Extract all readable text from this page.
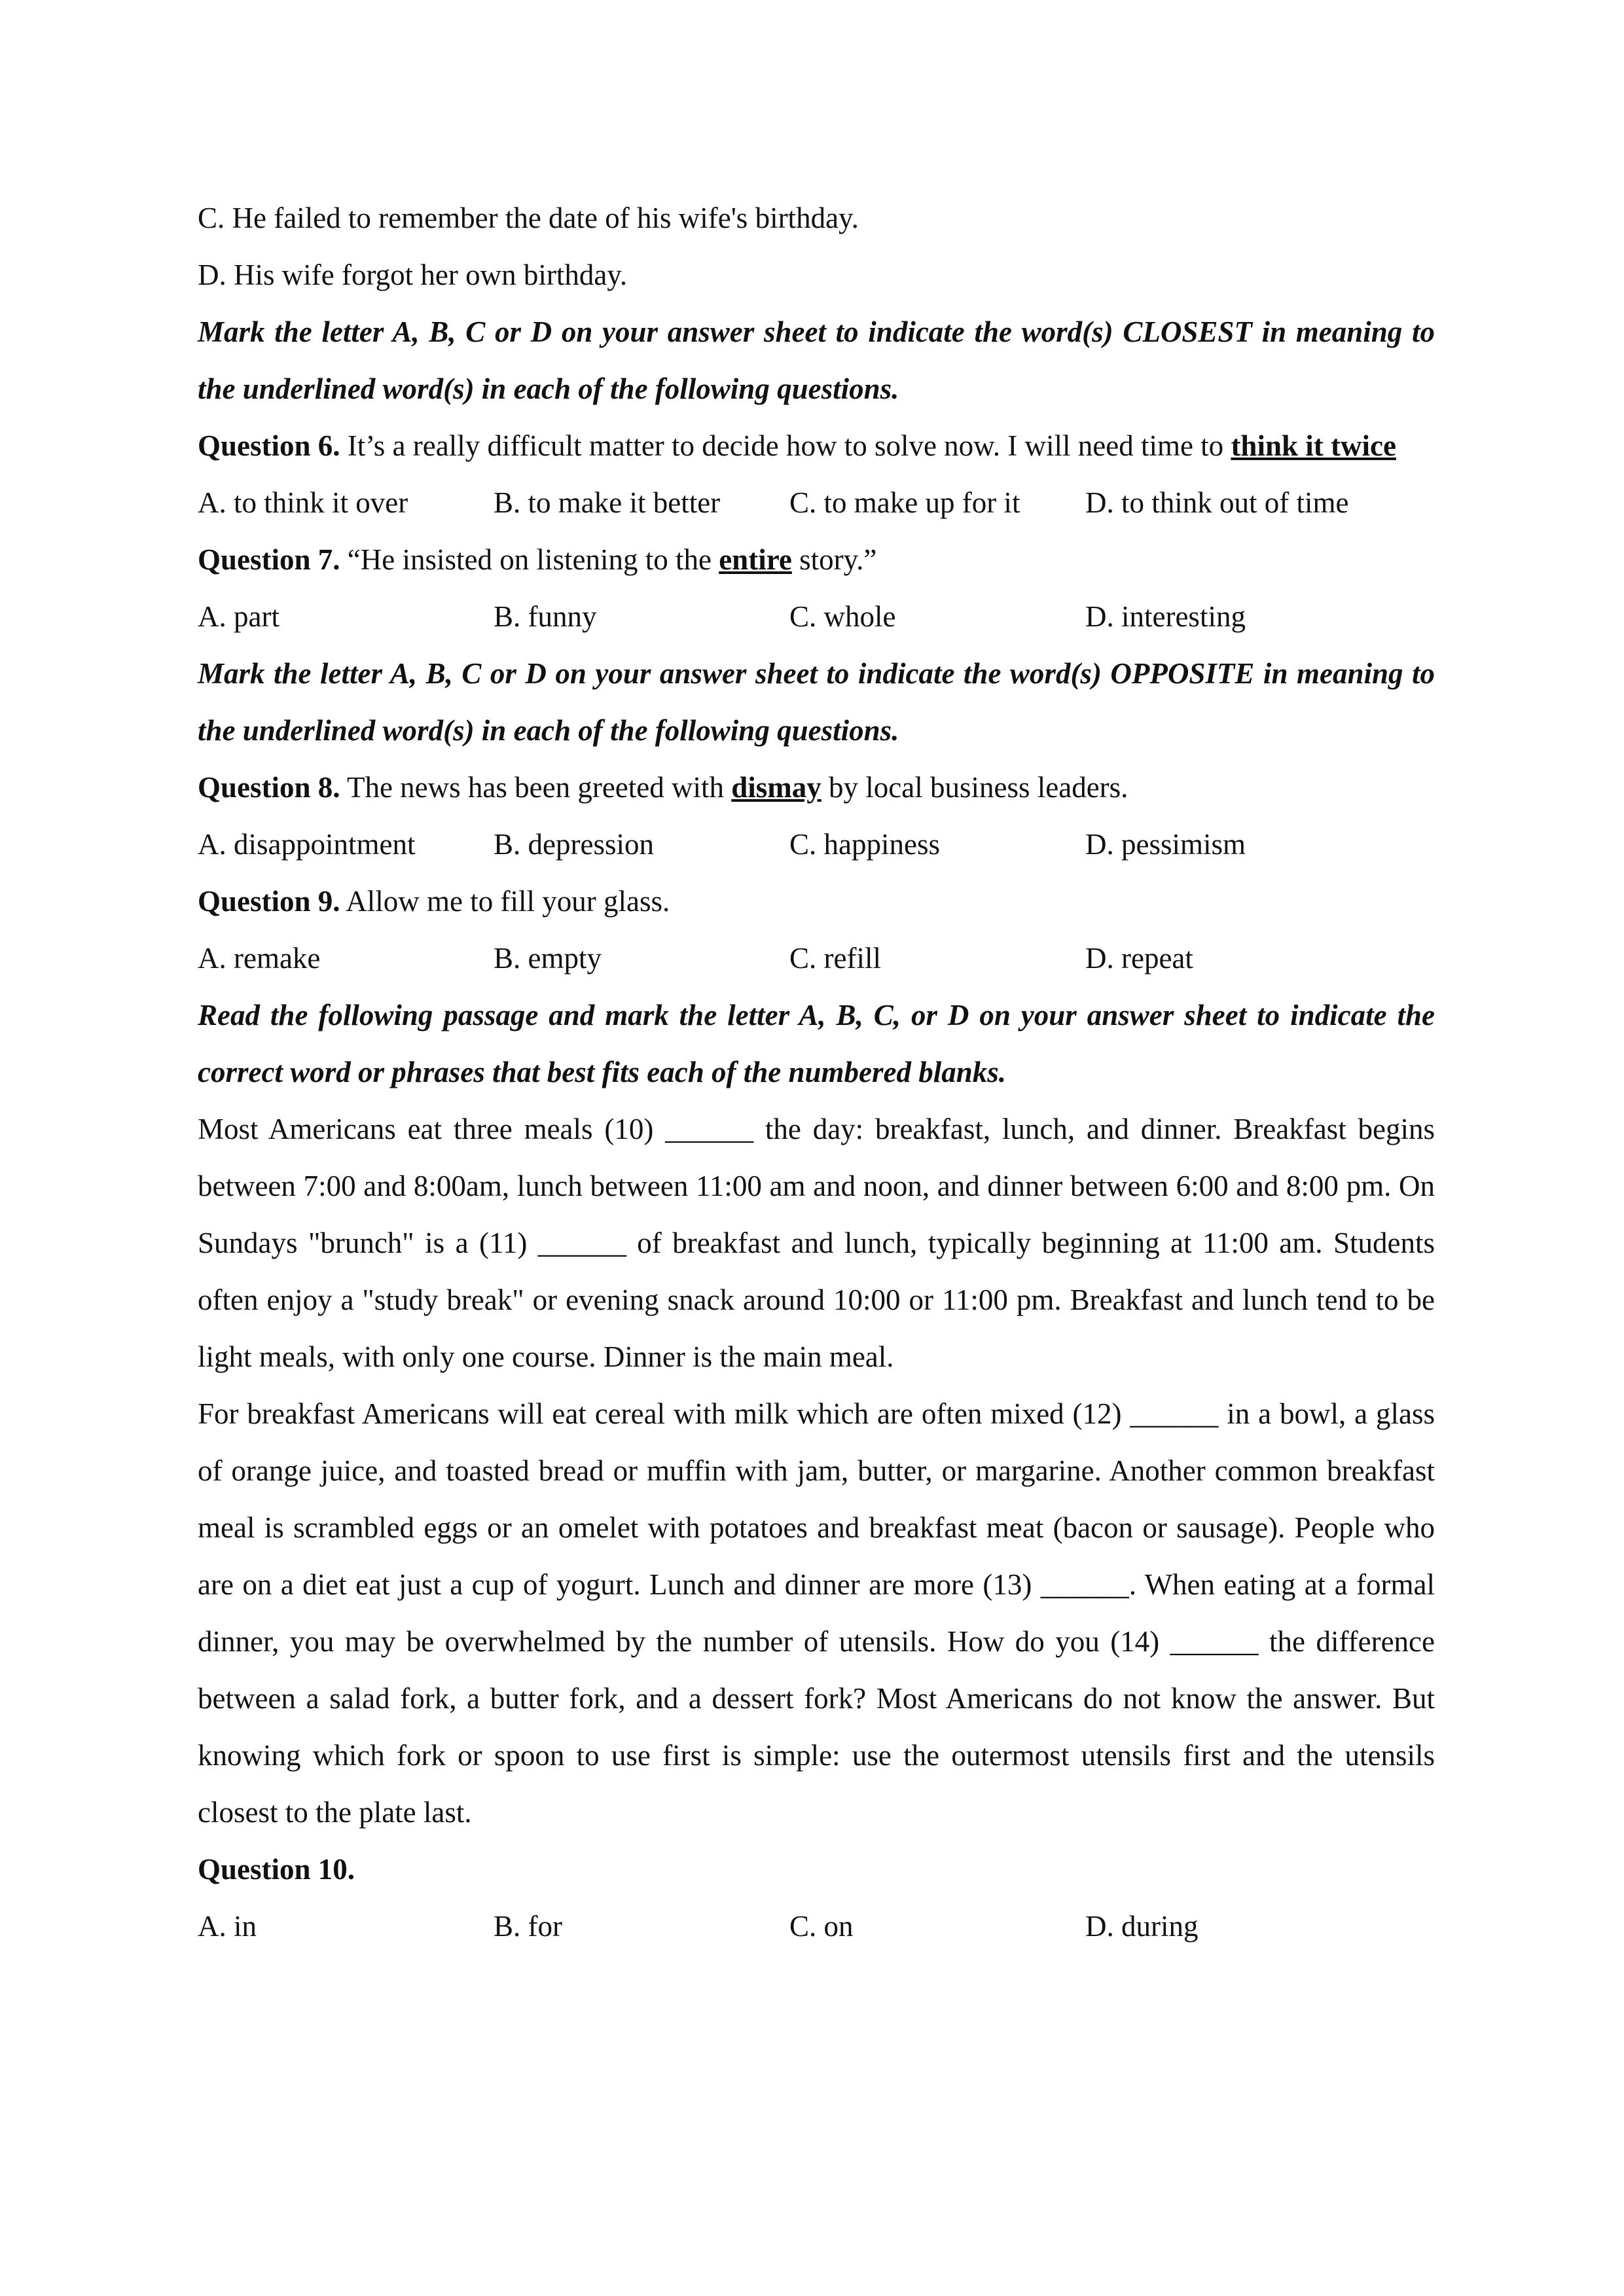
C. He failed to remember the date of his wife's birthday.
D. His wife forgot her own birthday.
Mark the letter A, B, C or D on your answer sheet to indicate the word(s) CLOSEST in meaning to the underlined word(s) in each of the following questions.
Question 6. It’s a really difficult matter to decide how to solve now. I will need time to think it twice
A. to think it over	B. to make it better	C. to make up for it	D. to think out of time
Question 7. “He insisted on listening to the entire story.”
A. part	B. funny	C. whole	D. interesting
Mark the letter A, B, C or D on your answer sheet to indicate the word(s) OPPOSITE in meaning to the underlined word(s) in each of the following questions.
Question 8. The news has been greeted with dismay by local business leaders.
A. disappointment	B. depression	C. happiness	D. pessimism
Question 9. Allow me to fill your glass.
A. remake	B. empty	C. refill	D. repeat
Read the following passage and mark the letter A, B, C, or D on your answer sheet to indicate the correct word or phrases that best fits each of the numbered blanks.
Most Americans eat three meals (10) ______ the day: breakfast, lunch, and dinner. Breakfast begins between 7:00 and 8:00am, lunch between 11:00 am and noon, and dinner between 6:00 and 8:00 pm. On Sundays "brunch" is a (11) ______ of breakfast and lunch, typically beginning at 11:00 am. Students often enjoy a "study break" or evening snack around 10:00 or 11:00 pm. Breakfast and lunch tend to be light meals, with only one course. Dinner is the main meal.
For breakfast Americans will eat cereal with milk which are often mixed (12) ______ in a bowl, a glass of orange juice, and toasted bread or muffin with jam, butter, or margarine. Another common breakfast meal is scrambled eggs or an omelet with potatoes and breakfast meat (bacon or sausage). People who are on a diet eat just a cup of yogurt. Lunch and dinner are more (13) ______. When eating at a formal dinner, you may be overwhelmed by the number of utensils. How do you (14) ______ the difference between a salad fork, a butter fork, and a dessert fork? Most Americans do not know the answer. But knowing which fork or spoon to use first is simple: use the outermost utensils first and the utensils closest to the plate last.
Question 10.
A. in	B. for	C. on	D. during
